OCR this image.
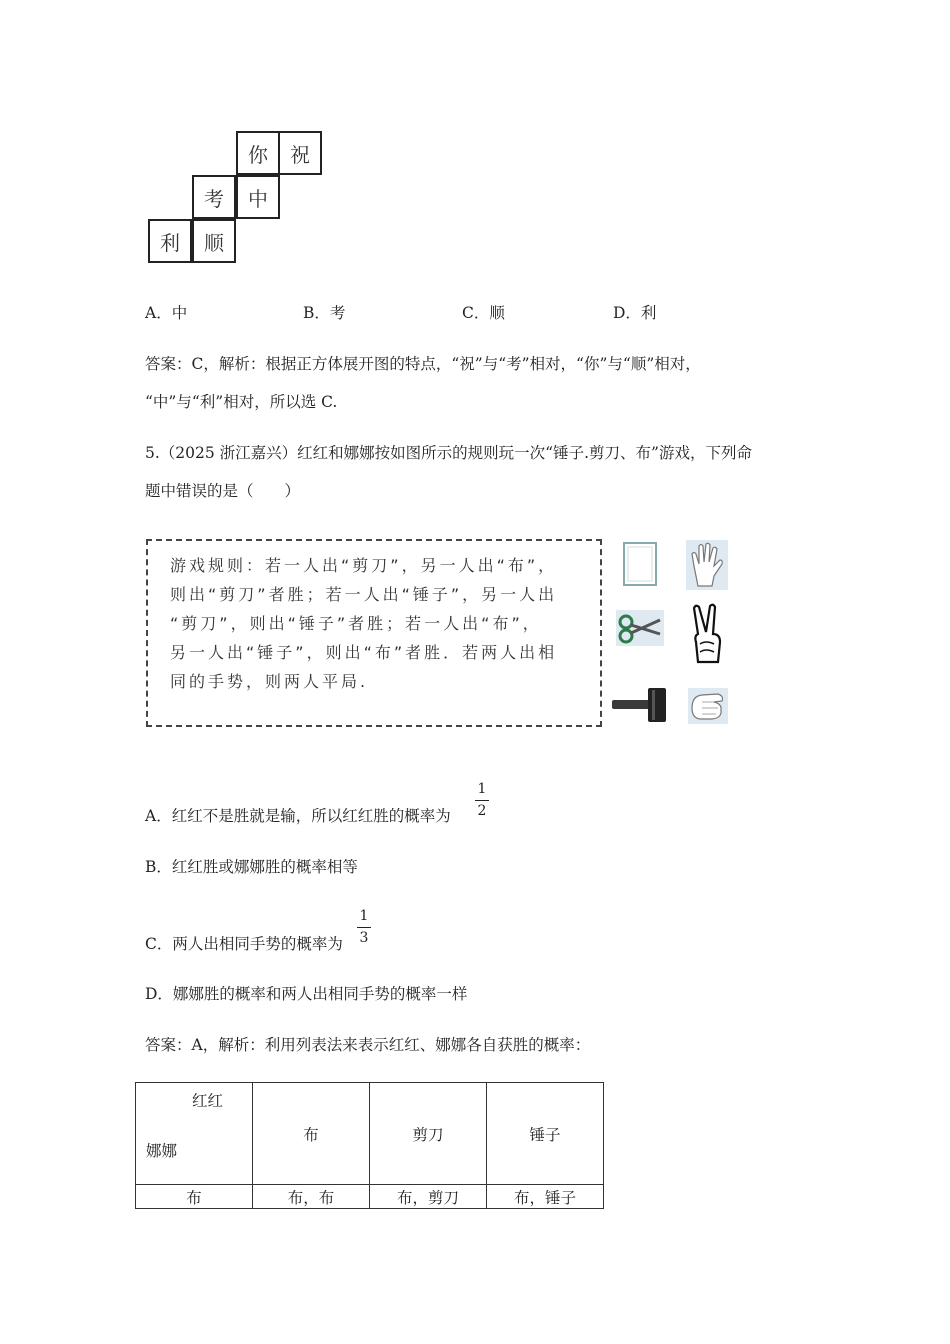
你	祝
考	中
利	顺
A．中	B．考	C．顺	D．利
答案：C，解析：根据正方体展开图的特点，“祝”与“考”相对，“你”与“顺”相对，
“中”与“利”相对，所以选 C.
5.（2025 浙江嘉兴）红红和娜娜按如图所示的规则玩一次“锤子.剪刀、布”游戏，下列命
题中错误的是（　　）
游戏规则：若一人出“剪刀”，另一人出“布”，
则出“剪刀”者胜；若一人出“锤子”，另一人出
“剪刀”，则出“锤子”者胜；若一人出“布”，
另一人出“锤子”，则出“布”者胜．若两人出相
同的手势，则两人平局.
A．红红不是胜就是输，所以红红胜的概率为
1
2
B．红红胜或娜娜胜的概率相等
C．两人出相同手势的概率为
1
3
D．娜娜胜的概率和两人出相同手势的概率一样
答案：A，解析：利用列表法来表示红红、娜娜各自获胜的概率：
红红
娜娜	布	剪刀	锤子
布	布，布	布，剪刀	布，锤子
